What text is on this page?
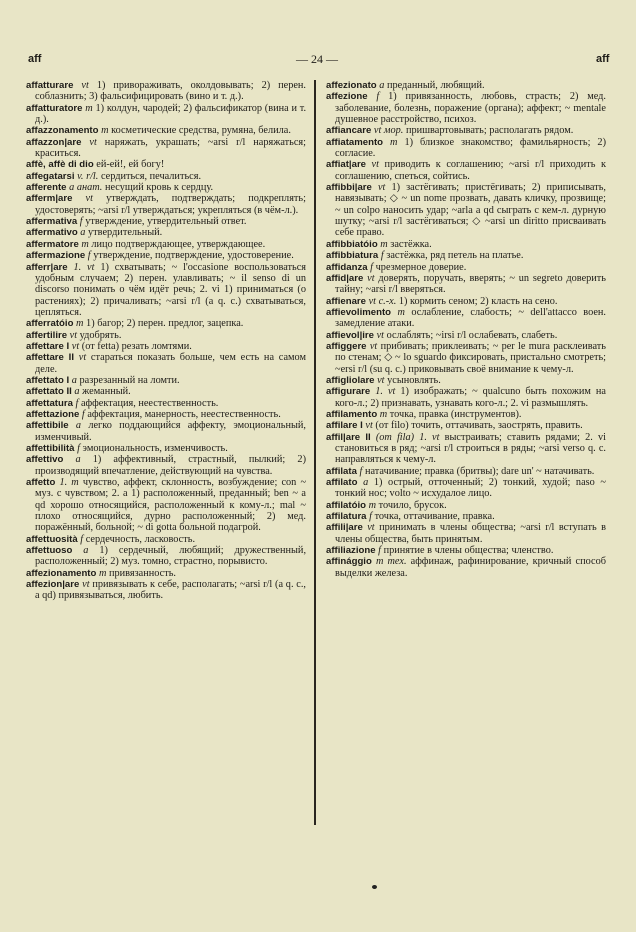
aff	— 24 —	aff

affatturare vt 1) приворaживать, околдовывать; 2) перен. соблазнить; 3) фальсифицировать (вино и т. д.).

affatturatore m 1) колдун, чародей; 2) фальсификатор (вина и т. д.).

affazzonamento m косметические средства, румяна, белила.

affazzon|are vt наряжать, украшать; ~arsi r/l наряжаться; краситься.

affè, affè di dio ей-ей!, ей богу!

affegatarsi v. r/l. сердиться, печалиться.

afferente a анат. несущий кровь к сердцу.

afferm|are vt утверждать, подтверждать; подкреплять; удостоверять; ~arsi r/l утверждаться; укрепляться (в чём-л.).

affermativa f утверждение, утвердительный ответ.

affermativo a утвердительный.

affermatore m лицо подтверждающее, утверждающее.

affermazione f утверждение, подтверждение, удостоверение.

afferr|are 1. vt 1) схватывать; ~ l'occasione воспользоваться удобным случаем; 2) перен. улавливать; ~ il senso di un discorso понимать о чём идёт речь; 2. vi 1) приниматься (о растениях); 2) причаливать; ~arsi r/l (a q. c.) схватываться, цепляться.

afferratóio m 1) багор; 2) перен. предлог, зацепка.

affertilire vt удобрять.

affettare I vt (от fetta) резать ломтями.

affettare II vt стараться показать больше, чем есть на самом деле.

affettato I a разрезанный на ломти.

affettato II a жеманный.

affettatura f аффектация, неестественность.

affettazione f аффектация, манерность, неестественность.

affettibile a легко поддающийся аффекту, эмоциональный, изменчивый.

affettibilità f эмоциональность, изменчивость.

affettivo a 1) аффективный, страстный, пылкий; 2) производящий впечатление, действующий на чувства.

affetto 1. m чувство, аффект, склонность, возбуждение; con ~ муз. с чувством; 2. a 1) расположенный, преданный; ben ~ a qd хорошо относящийся, расположенный к кому-л.; mal ~ плохо относящийся, дурно расположенный; 2) мед. поражённый, больной; ~ di gotta больной подагрой.

affettuosità f сердечность, ласковость.

affettuoso a 1) сердечный, любящий; дружественный, расположенный; 2) муз. томно, страстно, порывисто.

affezionamento m привязанность.

affezion|are vt привязывать к себе, располагать; ~arsi r/l (a q. c., a qd) привязываться, любить.

affezionato a преданный, любящий.

affezione f 1) привязанность, любовь, страсть; 2) мед. заболевание, болезнь, поражение (органа); аффект; ~ mentale душевное расстройство, психоз.

affiancare vt мор. пришвартовывать; располагать рядом.

affiatamento m 1) близкое знакомство; фамильярность; 2) согласие.

affiat|are vt приводить к соглашению; ~arsi r/l приходить к соглашению, спеться, сойтись.

affibbi|are vt 1) застёгивать; пристёгивать; 2) приписывать, навязывать; ◇ ~ un nome прозвать, давать кличку, прозвище; ~ un colpo наносить удар; ~arla a qd сыграть с кем-л. дурную шутку; ~arsi r/l застёгиваться; ◇ ~arsi un diritto присваивать себе право.

affibbiatóio m застёжка.

affibbiatura f застёжка, ряд петель на платье.

affidanza f чрезмерное доверие.

affid|are vt доверять, поручать, вверять; ~ un segreto доверить тайну; ~arsi r/l вверяться.

affienare vt с.-х. 1) кормить сеном; 2) класть на сено.

affievolimento m ослабление, слабость; ~ dell'attacco воен. замедление атаки.

affievol|ire vt ослаблять; ~irsi r/l ослабевать, слабеть.

affiggere vt прибивать; приклеивать; ~ per le mura расклеивать по стенам; ◇ ~ lo sguardo фиксировать, пристально смотреть; ~ersi r/l (su q. c.) приковывать своё внимание к чему-л.

affigliolare vt усыновлять.

affigurare 1. vt 1) изображать; ~ qualcuno быть похожим на кого-л.; 2) признавать, узнавать кого-л.; 2. vi размышлять.

affilamento m точка, правка (инструментов).

affilare I vt (от filo) точить, оттачивать, заострять, править.

affil|are II (от fila) 1. vt выстраивать; ставить рядами; 2. vi становиться в ряд; ~arsi r/l строиться в ряды; ~arsi verso q. c. направляться к чему-л.

affilata f натачивание; правка (бритвы); dare un' ~ натачивать.

affilato a 1) острый, отточенный; 2) тонкий, худой; naso ~ тонкий нос; volto ~ исхудалое лицо.

affilatóio m точило, брусок.

affilatura f точка, оттачивание, правка.

affili|are vt принимать в члены общества; ~arsi r/l вступать в члены общества, быть принятым.

affiliazione f принятие в члены общества; членство.

affinággio m тех. аффинаж, рафинирование, кричный способ выделки железа.
